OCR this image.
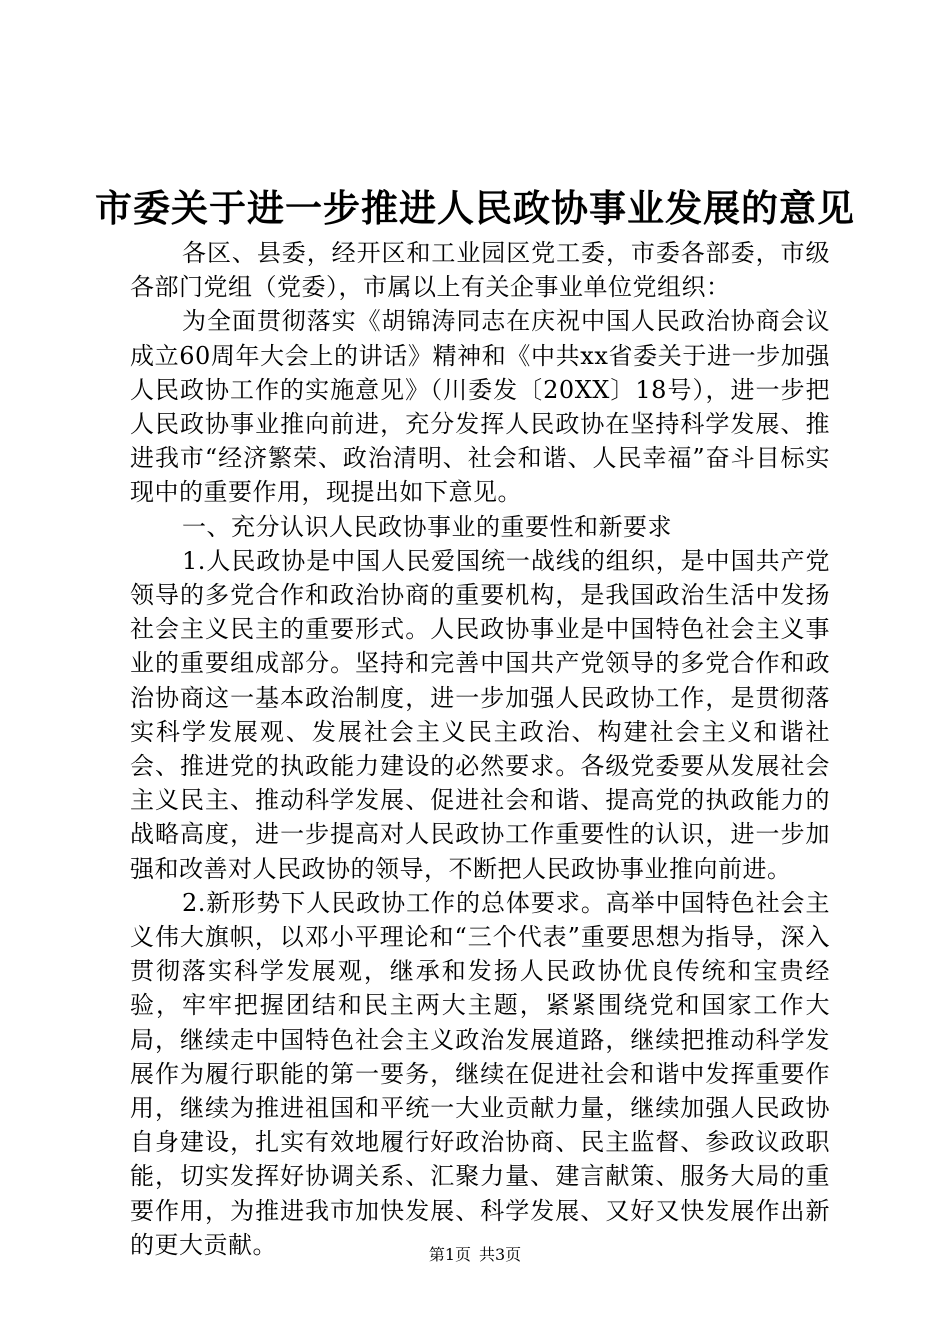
市委关于进一步推进人民政协事业发展的意见

各区、县委，经开区和工业园区党工委，市委各部委，市级各部门党组（党委），市属以上有关企事业单位党组织：

为全面贯彻落实《胡锦涛同志在庆祝中国人民政治协商会议成立60周年大会上的讲话》精神和《中共xx省委关于进一步加强人民政协工作的实施意见》（川委发〔20XX〕18号），进一步把人民政协事业推向前进，充分发挥人民政协在坚持科学发展、推进我市“经济繁荣、政治清明、社会和谐、人民幸福”奋斗目标实现中的重要作用，现提出如下意见。

一、充分认识人民政协事业的重要性和新要求

1.人民政协是中国人民爱国统一战线的组织，是中国共产党领导的多党合作和政治协商的重要机构，是我国政治生活中发扬社会主义民主的重要形式。人民政协事业是中国特色社会主义事业的重要组成部分。坚持和完善中国共产党领导的多党合作和政治协商这一基本政治制度，进一步加强人民政协工作，是贯彻落实科学发展观、发展社会主义民主政治、构建社会主义和谐社会、推进党的执政能力建设的必然要求。各级党委要从发展社会主义民主、推动科学发展、促进社会和谐、提高党的执政能力的战略高度，进一步提高对人民政协工作重要性的认识，进一步加强和改善对人民政协的领导，不断把人民政协事业推向前进。

2.新形势下人民政协工作的总体要求。高举中国特色社会主义伟大旗帜，以邓小平理论和“三个代表”重要思想为指导，深入贯彻落实科学发展观，继承和发扬人民政协优良传统和宝贵经验，牢牢把握团结和民主两大主题，紧紧围绕党和国家工作大局，继续走中国特色社会主义政治发展道路，继续把推动科学发展作为履行职能的第一要务，继续在促进社会和谐中发挥重要作用，继续为推进祖国和平统一大业贡献力量，继续加强人民政协自身建设，扎实有效地履行好政治协商、民主监督、参政议政职能，切实发挥好协调关系、汇聚力量、建言献策、服务大局的重要作用，为推进我市加快发展、科学发展、又好又快发展作出新的更大贡献。	第1页 共3页
